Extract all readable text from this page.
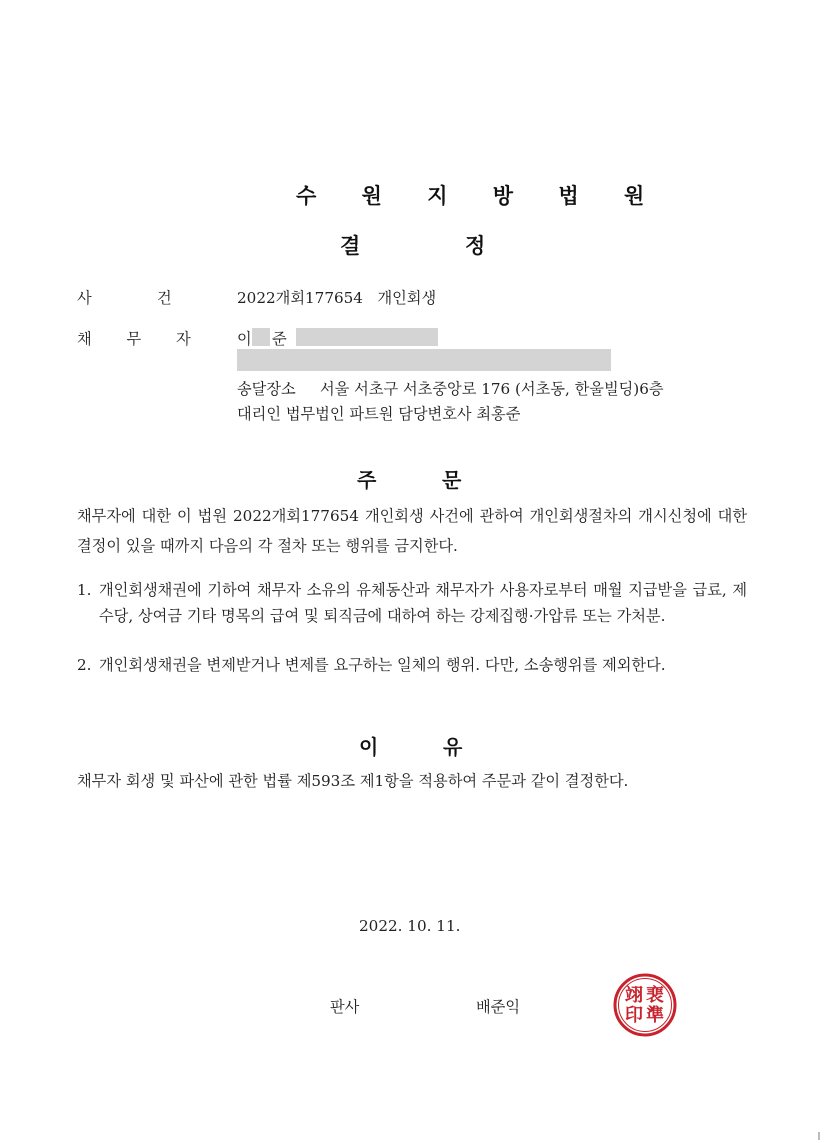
수 원 지 방 법 원
결	정
사	건	2022개회177654   개인회생
채 무 자 이 준
송달장소 서울 서초구 서초중앙로 176 (서초동, 한울빌딩)6층
대리인 법무법인 파트원 담당변호사 최홍준
주	문
채무자에 대한 이 법원 2022개회177654 개인회생 사건에 관하여 개인회생절차의 개시신청에 대한 결정이 있을 때까지 다음의 각 절차 또는 행위를 금지한다.
1. 개인회생채권에 기하여 채무자 소유의 유체동산과 채무자가 사용자로부터 매월 지급받을 급료, 제수당, 상여금 기타 명목의 급여 및 퇴직금에 대하여 하는 강제집행·가압류 또는 가처분.
2. 개인회생채권을 변제받거나 변제를 요구하는 일체의 행위. 다만, 소송행위를 제외한다.
이	유
채무자 회생 및 파산에 관한 법률 제593조 제1항을 적용하여 주문과 같이 결정한다.
2022. 10. 11.
판사	배준익
裵
準
翊
印
